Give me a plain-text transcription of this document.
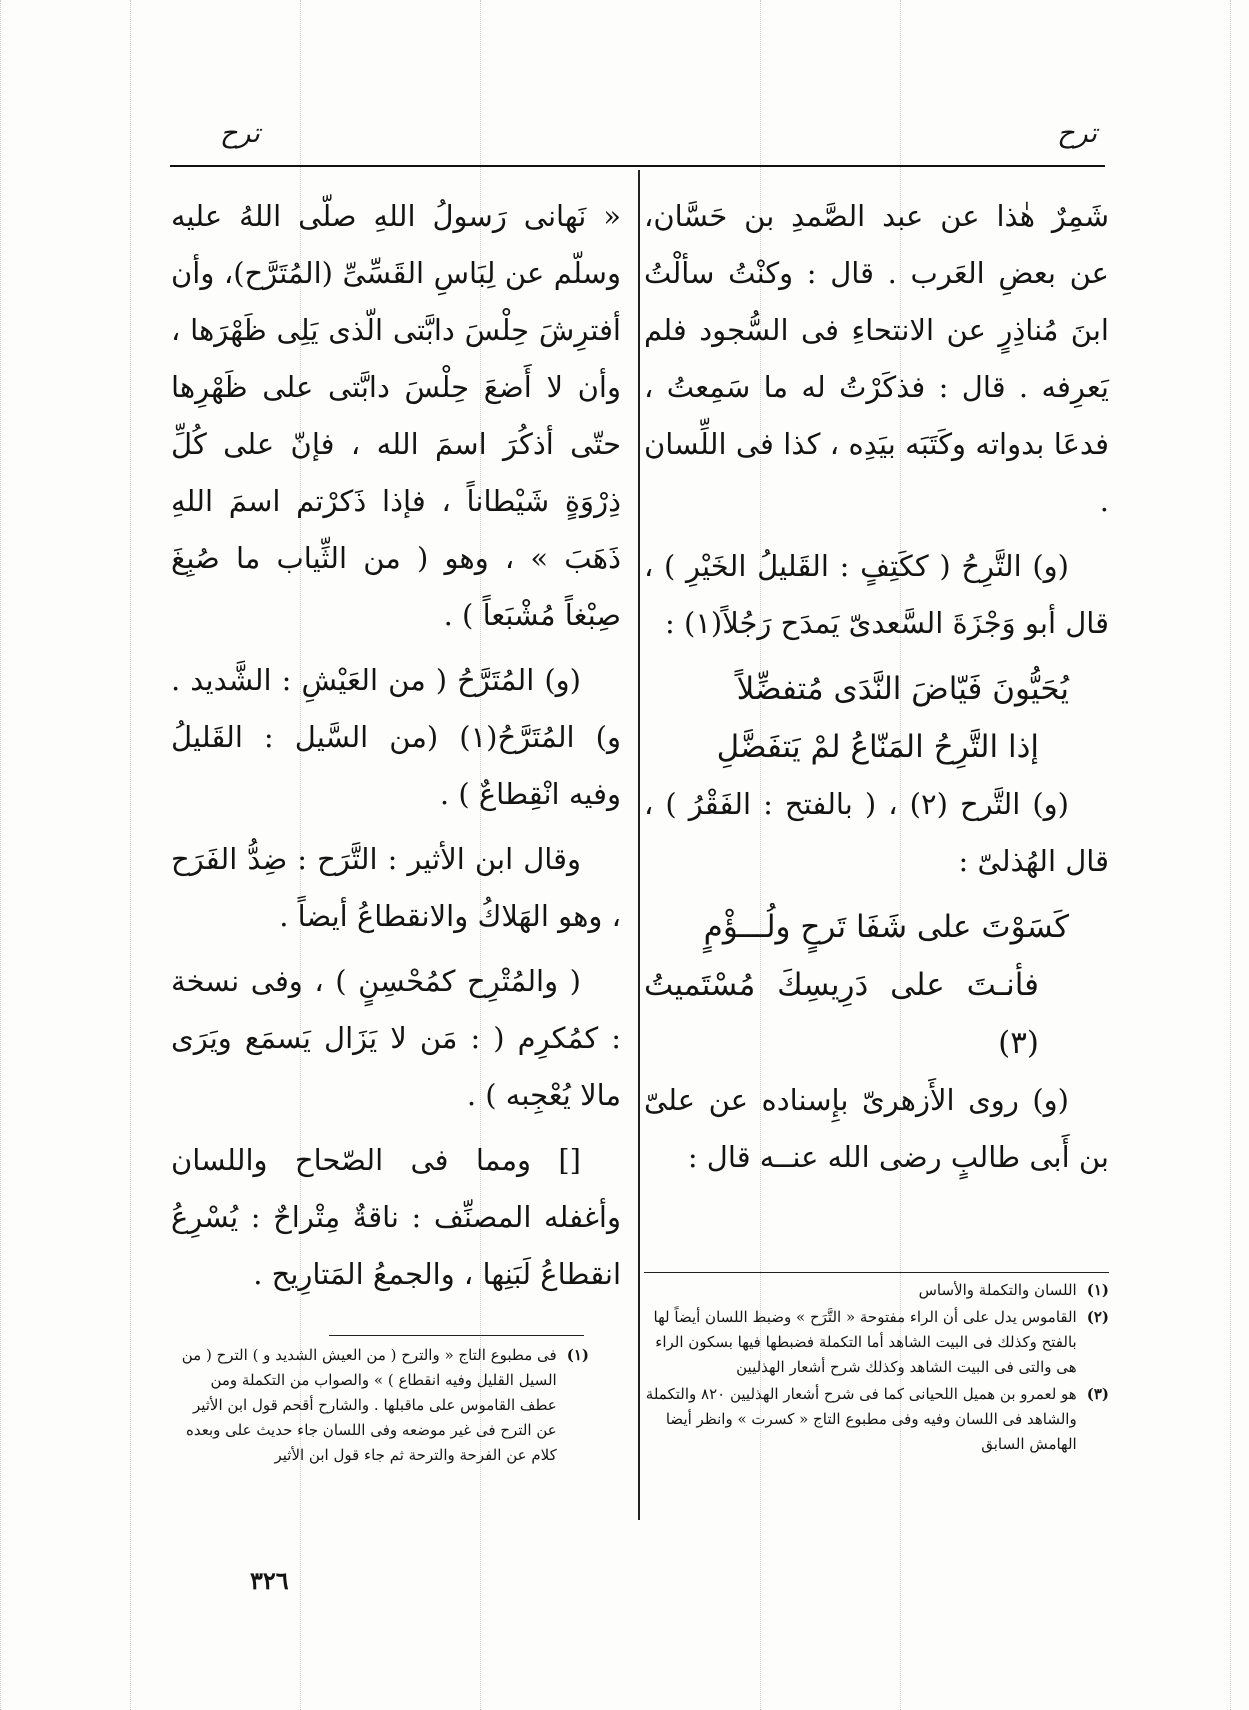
ترح
ترح

شَمِرٌ هٰذا عن عبد الصَّمدِ بن حَسَّان، عن بعضِ العَرب . قال : وكنْتُ سألْتُ ابنَ مُناذِرٍ عن الانتحاءِ فى السُّجود فلم يَعرِفه . قال : فذكَرْتُ له ما سَمِعتُ ، فدعَا بدواته وكَتَبَه بيَدِه ، كذا فى اللِّسان .

(و) التَّرِحُ ( ككَتِفٍ : القَليلُ الخَيْرِ ) ، قال أبو وَجْزَةَ السَّعدىّ يَمدَح رَجُلاً(١) :

يُحَيُّونَ فَيّاضَ النَّدَى مُتفضِّلاً

إذا التَّرِحُ المَنّاعُ لمْ يَتفَضَّلِ

(و) التَّرح (٢) ، ( بالفتح : الفَقْرُ ) ، قال الهُذلىّ :

كَسَوْتَ على شَفَا تَرحٍ ولُـــؤْمٍ

فأنـتَ على دَرِيسِكَ مُسْتَميتُ (٣)

(و) روى الأَزهرىّ بإِسناده عن علىّ بن أَبى طالبٍ رضى الله عنــه قال :

« نَهانى رَسولُ اللهِ صلّى اللهُ عليه وسلّم عن لِبَاسِ القَسِّىِّ (المُتَرَّح)، وأن أفترِشَ حِلْسَ دابَّتى الّذى يَلِى ظَهْرَها ، وأن لا أَضعَ حِلْسَ دابَّتى على ظَهْرِها حتّى أذكُرَ اسمَ الله ، فإنّ على كُلِّ ذِرْوَةٍ شَيْطاناً ، فإذا ذَكرْتم اسمَ اللهِ ذَهَبَ » ، وهو ( من الثِّياب ما صُبِغَ صِبْغاً مُشْبَعاً ) .

(و) المُتَرَّحُ ( من العَيْشِ : الشَّديد . و) المُتَرَّحُ(١) (من السَّيل : القَليلُ وفيه انْقِطاعٌ ) .

وقال ابن الأثير : التَّرَح : ضِدُّ الفَرَح ، وهو الهَلاكُ والانقطاعُ أيضاً .

( والمُتْرِح كمُحْسِنٍ ) ، وفى نسخة : كمُكرِم ( : مَن لا يَزَال يَسمَع ويَرَى مالا يُعْجِبه ) .

[] ومما فى الصّحاح واللسان وأغفله المصنِّف : ناقةٌ مِتْراحٌ : يُسْرِعُ انقطاعُ لَبَنِها ، والجمعُ المَتارِيح .	(١)
اللسان والتكملة والأساس
(٢)
القاموس يدل على أن الراء مفتوحة « التَّرَح » وضبط اللسان أيضاً لها بالفتح وكذلك فى البيت الشاهد أما التكملة فضبطها فيها بسكون الراء هى والتى فى البيت الشاهد وكذلك شرح أشعار الهذليين
(٣)
هو لعمرو بن هميل اللحيانى كما فى شرح أشعار الهذليين ٨٢٠ والتكملة والشاهد فى اللسان وفيه وفى مطبوع التاج « كسرت » وانظر أيضا الهامش السابق
(١)
فى مطبوع التاج « والترح ( من العيش الشديد و ) الترح ( من السيل القليل وفيه انقطاع ) » والصواب من التكملة ومن عطف القاموس على ماقبلها . والشارح أقحم قول ابن الأثير عن الترح فى غير موضعه وفى اللسان جاء حديث على وبعده كلام عن الفرحة والترحة ثم جاء قول ابن الأثير
٣٢٦
